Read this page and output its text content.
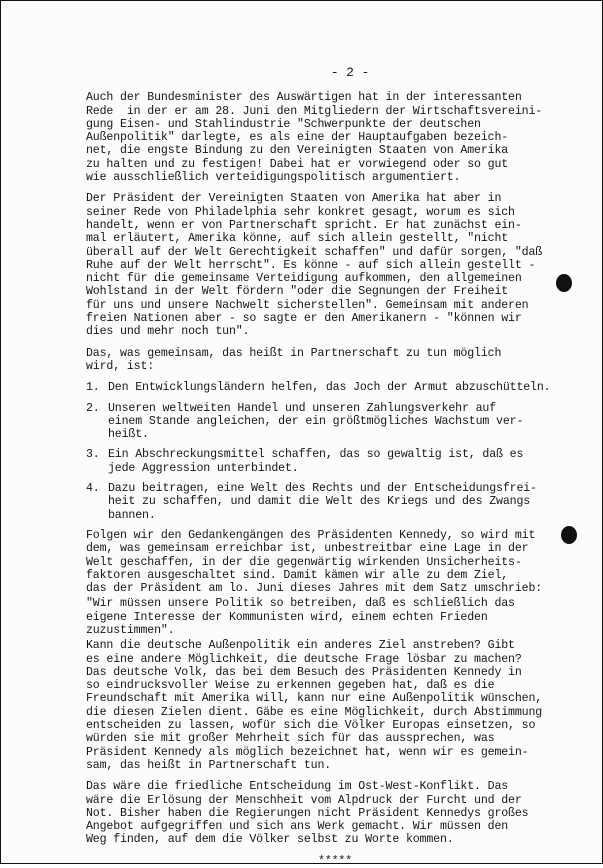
- 2 -
Auch der Bundesminister des Auswärtigen hat in der interessanten
Rede  in der er am 28. Juni den Mitgliedern der Wirtschaftsvereini-
gung Eisen- und Stahlindustrie "Schwerpunkte der deutschen
Außenpolitik" darlegte, es als eine der Hauptaufgaben bezeich-
net, die engste Bindung zu den Vereinigten Staaten von Amerika
zu halten und zu festigen! Dabei hat er vorwiegend oder so gut
wie ausschließlich verteidigungspolitisch argumentiert.
Der Präsident der Vereinigten Staaten von Amerika hat aber in
seiner Rede von Philadelphia sehr konkret gesagt, worum es sich
handelt, wenn er von Partnerschaft spricht. Er hat zunächst ein-
mal erläutert, Amerika könne, auf sich allein gestellt, "nicht
überall auf der Welt Gerechtigkeit schaffen" und dafür sorgen, "daß
Ruhe auf der Welt herrscht". Es könne - auf sich allein gestellt -
nicht für die gemeinsame Verteidigung aufkommen, den allgemeinen
Wohlstand in der Welt fördern "oder die Segnungen der Freiheit
für uns und unsere Nachwelt sicherstellen". Gemeinsam mit anderen
freien Nationen aber - so sagte er den Amerikanern - "können wir
dies und mehr noch tun".
Das, was gemeinsam, das heißt in Partnerschaft zu tun möglich
wird, ist:
1. Den Entwicklungsländern helfen, das Joch der Armut abzuschütteln.
2. Unseren weltweiten Handel und unseren Zahlungsverkehr auf
einem Stande angleichen, der ein größtmögliches Wachstum ver-
heißt.
3. Ein Abschreckungsmittel schaffen, das so gewaltig ist, daß es
jede Aggression unterbindet.
4. Dazu beitragen, eine Welt des Rechts und der Entscheidungsfrei-
heit zu schaffen, und damit die Welt des Kriegs und des Zwangs
bannen.
Folgen wir den Gedankengängen des Präsidenten Kennedy, so wird mit
dem, was gemeinsam erreichbar ist, unbestreitbar eine Lage in der
Welt geschaffen, in der die gegenwärtig wirkenden Unsicherheits-
faktoren ausgeschaltet sind. Damit kämen wir alle zu dem Ziel,
das der Präsident am lo. Juni dieses Jahres mit dem Satz umschrieb:
"Wir müssen unsere Politik so betreiben, daß es schließlich das
eigene Interesse der Kommunisten wird, einem echten Frieden
zuzustimmen".
Kann die deutsche Außenpolitik ein anderes Ziel anstreben? Gibt
es eine andere Möglichkeit, die deutsche Frage lösbar zu machen?
Das deutsche Volk, das bei dem Besuch des Präsidenten Kennedy in
so eindrucksvoller Weise zu erkennen gegeben hat, daß es die
Freundschaft mit Amerika will, kann nur eine Außenpolitik wünschen,
die diesen Zielen dient. Gäbe es eine Möglichkeit, durch Abstimmung
entscheiden zu lassen, wofür sich die Völker Europas einsetzen, so
würden sie mit großer Mehrheit sich für das aussprechen, was
Präsident Kennedy als möglich bezeichnet hat, wenn wir es gemein-
sam, das heißt in Partnerschaft tun.
Das wäre die friedliche Entscheidung im Ost-West-Konflikt. Das
wäre die Erlösung der Menschheit vom Alpdruck der Furcht und der
Not. Bisher haben die Regierungen nicht Präsident Kennedys großes
Angebot aufgegriffen und sich ans Werk gemacht. Wir müssen den
Weg finden, auf dem die Völker selbst zu Worte kommen.
*****
